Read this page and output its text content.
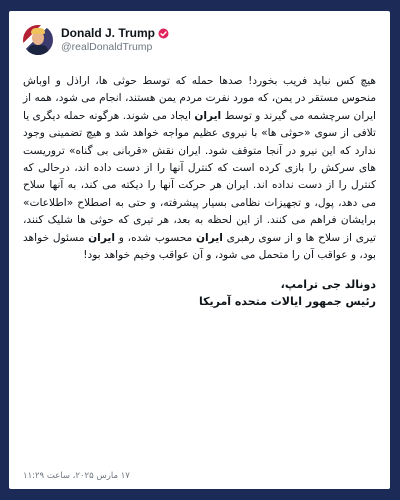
Donald J. Trump
@realDonaldTrump

هیچ کس نباید فریب بخورد! صدها حمله که توسط حوثی ها، اراذل و اوباش منحوس مستقر در یمن، که مورد نفرت مردم یمن هستند، انجام می شود، همه از ایران سرچشمه می گیرند و توسط ایران ایجاد می شوند. هرگونه حمله دیگری یا تلافی از سوی «حوثی ها» با نیروی عظیم مواجه خواهد شد و هیچ تضمینی وجود ندارد که این نیرو در آنجا متوقف شود. ایران نقش «قربانی بی گناه» تروریست های سرکش را بازی کرده است که کنترل آنها را از دست داده اند، درحالی که کنترل را از دست نداده اند. ایران هر حرکت آنها را دیکته می کند، به آنها سلاح می دهد، پول، و تجهیزات نظامی بسیار پیشرفته، و حتی به اصطلاح «اطلاعات» برایشان فراهم می کنند. از این لحظه به بعد، هر تیری که حوثی ها شلیک کنند، تیری از سلاح ها و از سوی رهبری ایران محسوب شده، و ایران مسئول خواهد بود، و عواقب آن را متحمل می شود، و آن عواقب وخیم خواهد بود!

دونالد جی ترامپ،
رئیس جمهور ایالات متحده آمریکا
۱۷ مارس ۲۰۲۵، ساعت ۱۱:۲۹
